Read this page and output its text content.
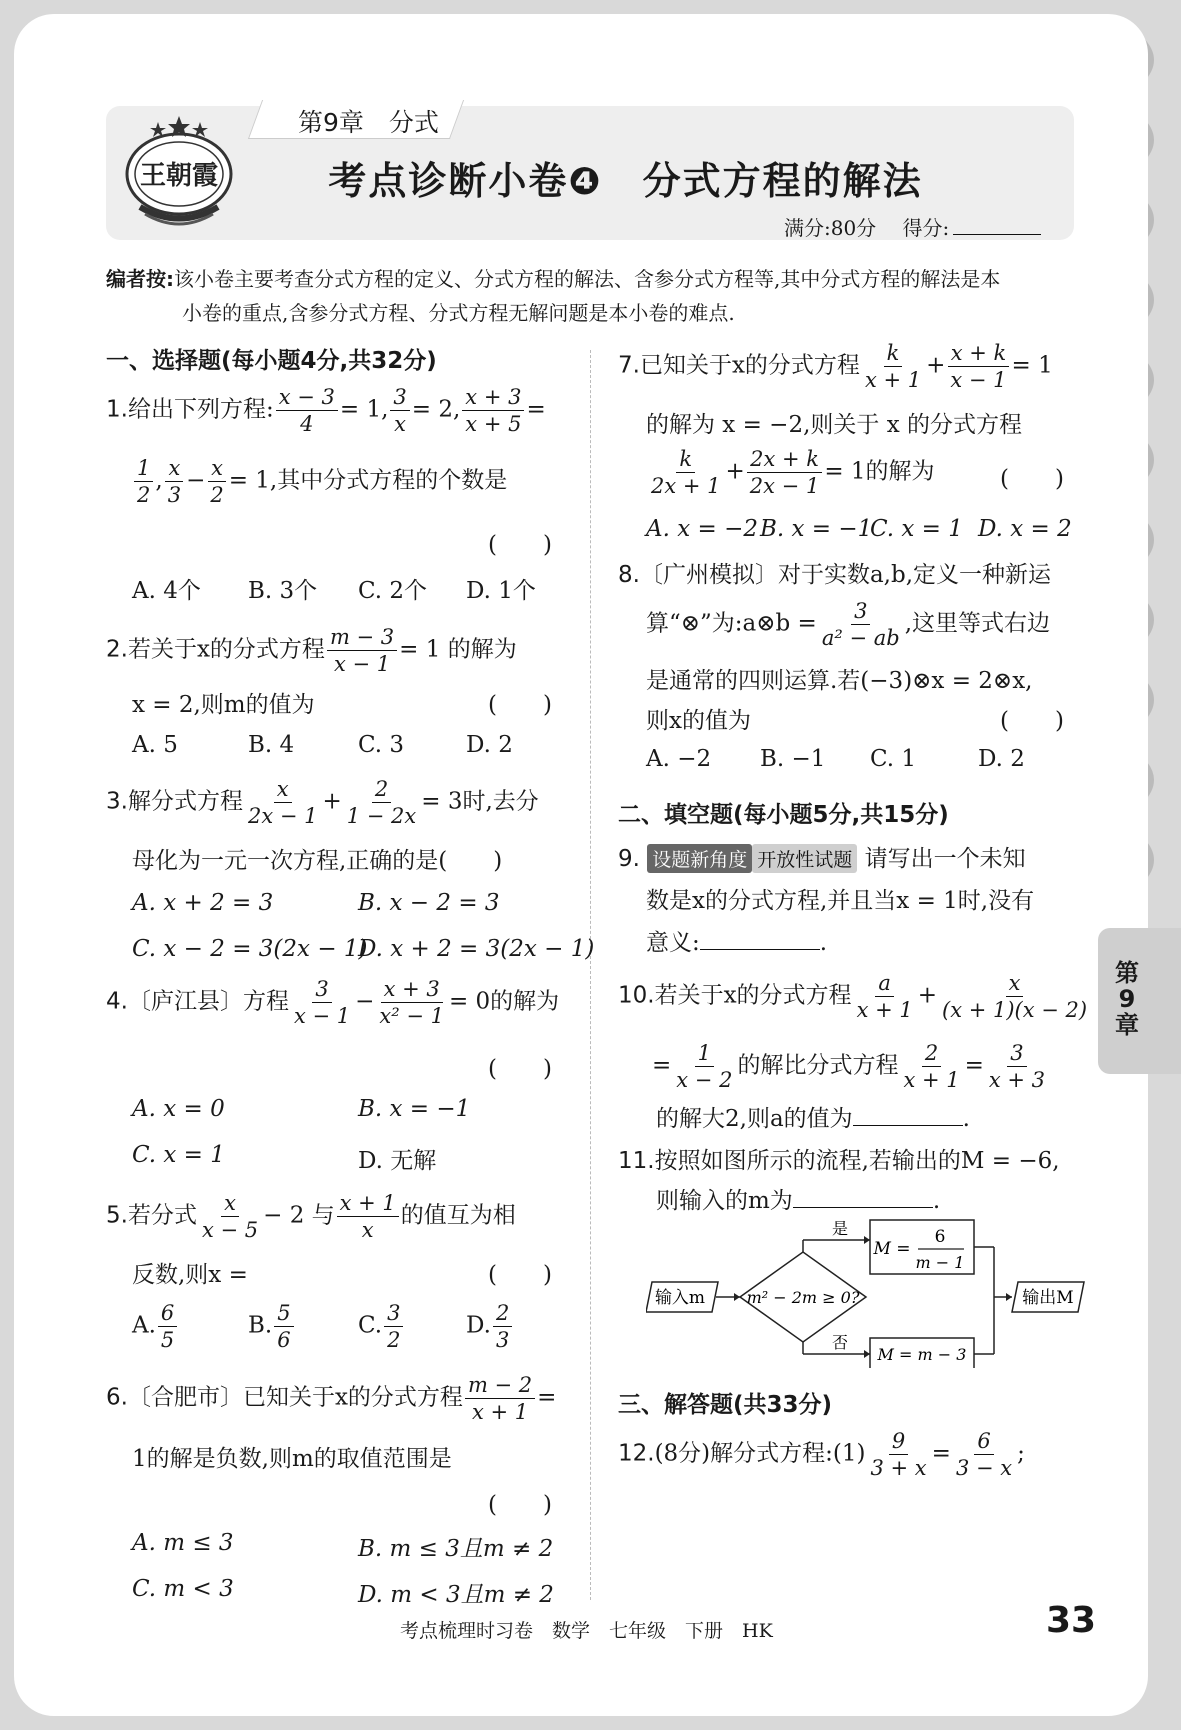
第9章　分式
王朝霞	考点诊断小卷❹　分式方程的解法
满分:80分 得分:
编者按:该小卷主要考查分式方程的定义、分式方程的解法、含参分式方程等,其中分式方程的解法是本
小卷的重点,含参分式方程、分式方程无解问题是本小卷的难点.
一、选择题(每小题4分,共32分)
1.给出下列方程: $\frac{x - 3}{4} = 1$, $\frac{3}{x} = 2$, $\frac{x + 3}{x + 5}$ =
$\frac{1}{2}$ , $\frac{x}{3} - \frac{x}{2} = 1$,其中分式方程的个数是
(　　)
A. 4个 B. 3个 C. 2个 D. 1个
2.若关于x的分式方程 $\frac{m - 3}{x - 1} = 1$ 的解为
x = 2,则m的值为	(　　)
A. 5	B. 4	C. 3	D. 2
3.解分式方程 $\frac{x}{2x - 1} + \frac{2}{1 - 2x} = 3$时,去分
母化为一元一次方程,正确的是(　　)
A. x + 2 = 3	B. x − 2 = 3
C. x − 2 = 3(2x − 1)
D. x + 2 = 3(2x − 1)
4.〔庐江县〕方程 $\frac{3}{x - 1} - \frac{x + 3}{\text{x² − 1}} = 0$的解为
(　　)
A. x = 0	B. x = −1
C. x = 1	D. 无解
5.若分式 $\frac{x}{x - 5} - 2$ 与 $\frac{x + 1}{x}$ 的值互为相
反数,则x =	(　　)
A. $\frac{6}{5}$	B. $\frac{5}{6}$	C. $\frac{3}{2}$	D. $\frac{2}{3}$
6.〔合肥市〕已知关于x的分式方程 $\frac{m - 2}{x + 1}$ =
1的解是负数,则m的取值范围是
(　　)
A. m ≤ 3	B. m ≤ 3且m ≠ 2
C. m < 3	D. m < 3且m ≠ 2
7.已知关于x的分式方程 $\frac{k}{x + 1} + \frac{x + k}{x - 1} = 1$
的解为 x = −2,则关于 x 的分式方程
$\frac{k}{2x + 1} + \frac{2x + k}{2x - 1} = 1$的解为	(　　)
A. x = −2 B. x = −1
C. x = 1 D. x = 2
8.〔广州模拟〕对于实数a,b,定义一种新运
算“⊗”为:a⊗b = $\frac{3}{\text{a² − ab}}$ ,这里等式右边
是通常的四则运算.若(−3)⊗x = 2⊗x,
则x的值为	(　　)
A. −2 B. −1 C. 1	D. 2
二、填空题(每小题5分,共15分)
9. 设题新角度 开放性试题 请写出一个未知
数是x的分式方程,并且当x = 1时,没有
意义:	.
10.若关于x的分式方程 $\frac{a}{x + 1} + \frac{x}{(x + 1)(x - 2)}$
= $\frac{1}{x - 2}$ 的解比分式方程 $\frac{2}{x + 1} = \frac{3}{x + 3}$
的解大2,则a的值为	.
11.按照如图所示的流程,若输出的M = −6,
则输入的m为	.
输入m	m² − 2m ≥ 0?
是
否
M =
6
m − 1
M = m − 3
输出M
三、解答题(共33分)
12.(8分)解分式方程:(1) $\frac{9}{3 + x} = \frac{6}{3 - x}$ ;
第
9
章
考点梳理时习卷　数学　七年级　下册　HK	33
